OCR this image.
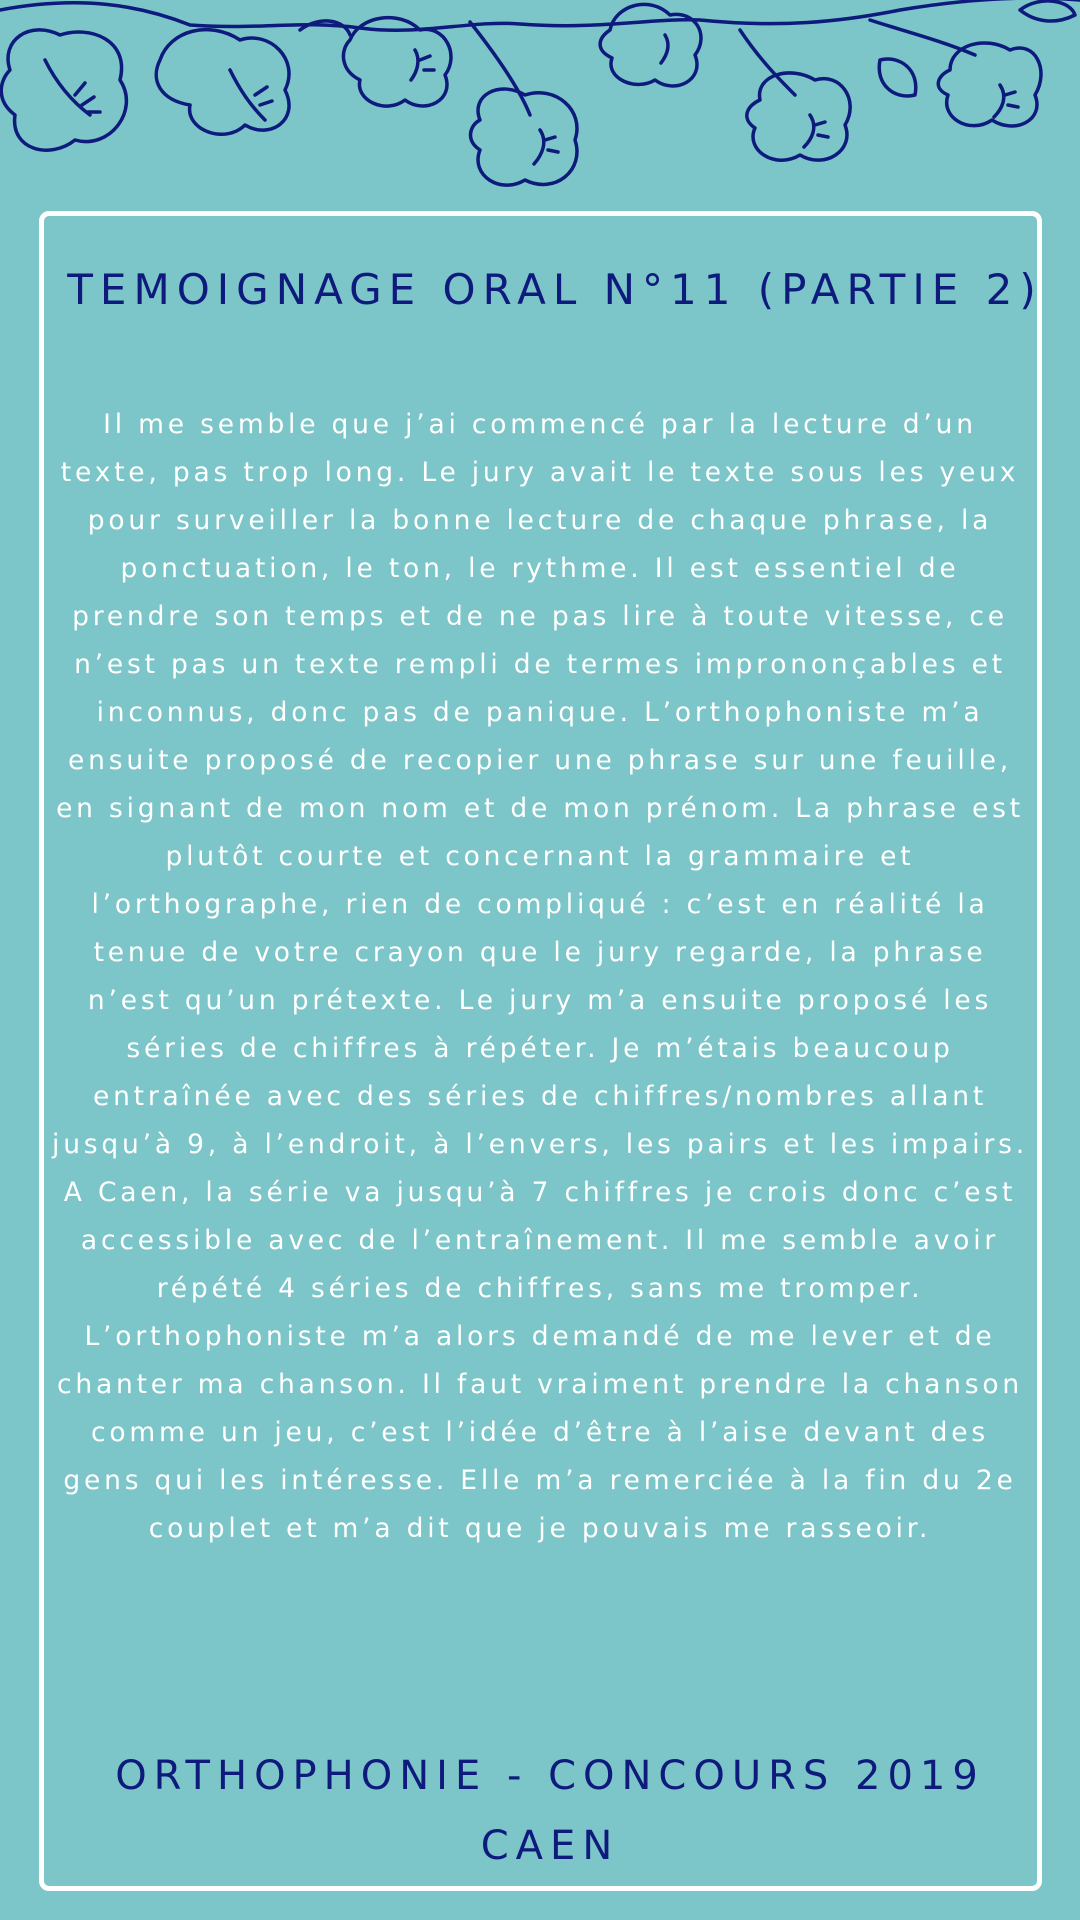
TEMOIGNAGE ORAL N°11 (PARTIE 2)

Il me semble que j’ai commencé par la lecture d’un texte, pas trop long. Le jury avait le texte sous les yeux pour surveiller la bonne lecture de chaque phrase, la ponctuation, le ton, le rythme. Il est essentiel de prendre son temps et de ne pas lire à toute vitesse, ce n’est pas un texte rempli de termes imprononçables et inconnus, donc pas de panique. L’orthophoniste m’a ensuite proposé de recopier une phrase sur une feuille, en signant de mon nom et de mon prénom. La phrase est plutôt courte et concernant la grammaire et l’orthographe, rien de compliqué : c’est en réalité la tenue de votre crayon que le jury regarde, la phrase n’est qu’un prétexte. Le jury m’a ensuite proposé les séries de chiffres à répéter. Je m’étais beaucoup entraînée avec des séries de chiffres/nombres allant jusqu’à 9, à l’endroit, à l’envers, les pairs et les impairs. A Caen, la série va jusqu’à 7 chiffres je crois donc c’est accessible avec de l’entraînement. Il me semble avoir répété 4 séries de chiffres, sans me tromper. L’orthophoniste m’a alors demandé de me lever et de chanter ma chanson. Il faut vraiment prendre la chanson comme un jeu, c’est l’idée d’être à l’aise devant des gens qui les intéresse. Elle m’a remerciée à la fin du 2e couplet et m’a dit que je pouvais me rasseoir.

ORTHOPHONIE - CONCOURS 2019
CAEN
